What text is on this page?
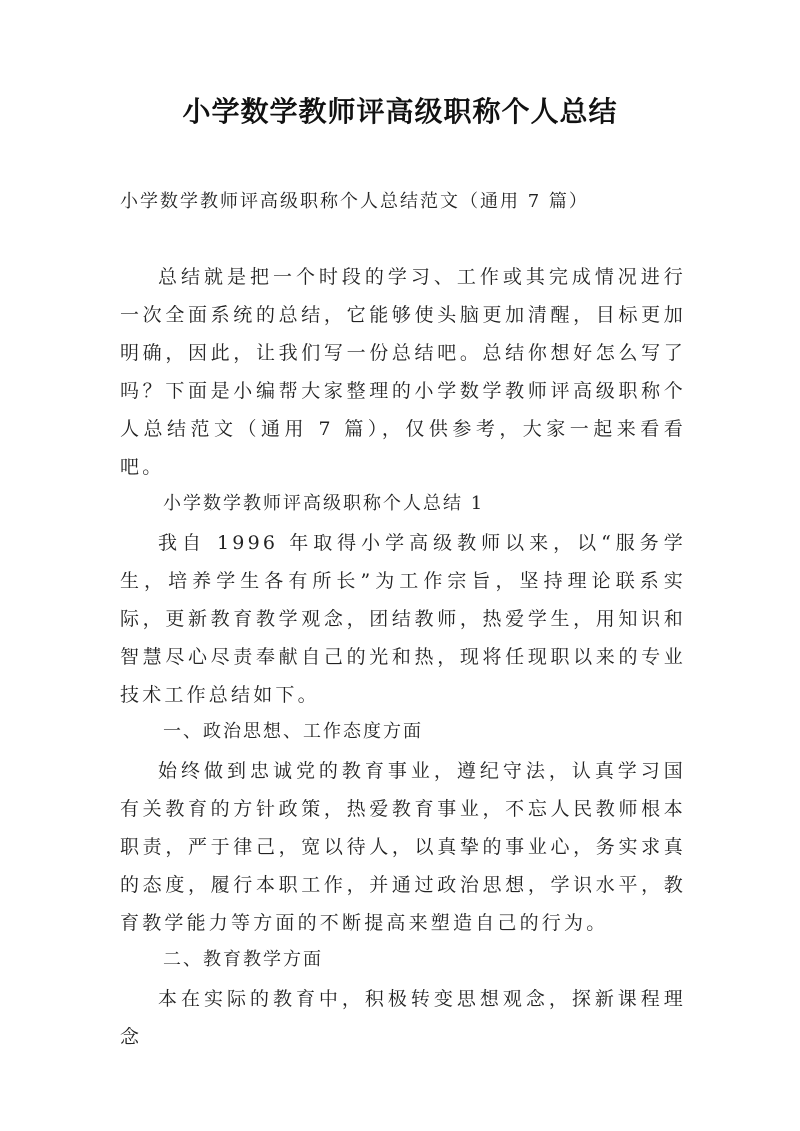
小学数学教师评高级职称个人总结
小学数学教师评高级职称个人总结范文（通用 7 篇）

总结就是把一个时段的学习、工作或其完成情况进行一次全面系统的总结，它能够使头脑更加清醒，目标更加明确，因此，让我们写一份总结吧。总结你想好怎么写了吗？下面是小编帮大家整理的小学数学教师评高级职称个人总结范文（通用 7 篇），仅供参考，大家一起来看看吧。

小学数学教师评高级职称个人总结 1

我自 1996 年取得小学高级教师以来，以“服务学生，培养学生各有所长”为工作宗旨，坚持理论联系实际，更新教育教学观念，团结教师，热爱学生，用知识和智慧尽心尽责奉献自己的光和热，现将任现职以来的专业技术工作总结如下。

一、政治思想、工作态度方面

始终做到忠诚党的教育事业，遵纪守法，认真学习国有关教育的方针政策，热爱教育事业，不忘人民教师根本职责，严于律己，宽以待人，以真挚的事业心，务实求真的态度，履行本职工作，并通过政治思想，学识水平，教育教学能力等方面的不断提高来塑造自己的行为。

二、教育教学方面

本在实际的教育中，积极转变思想观念，探新课程理念
